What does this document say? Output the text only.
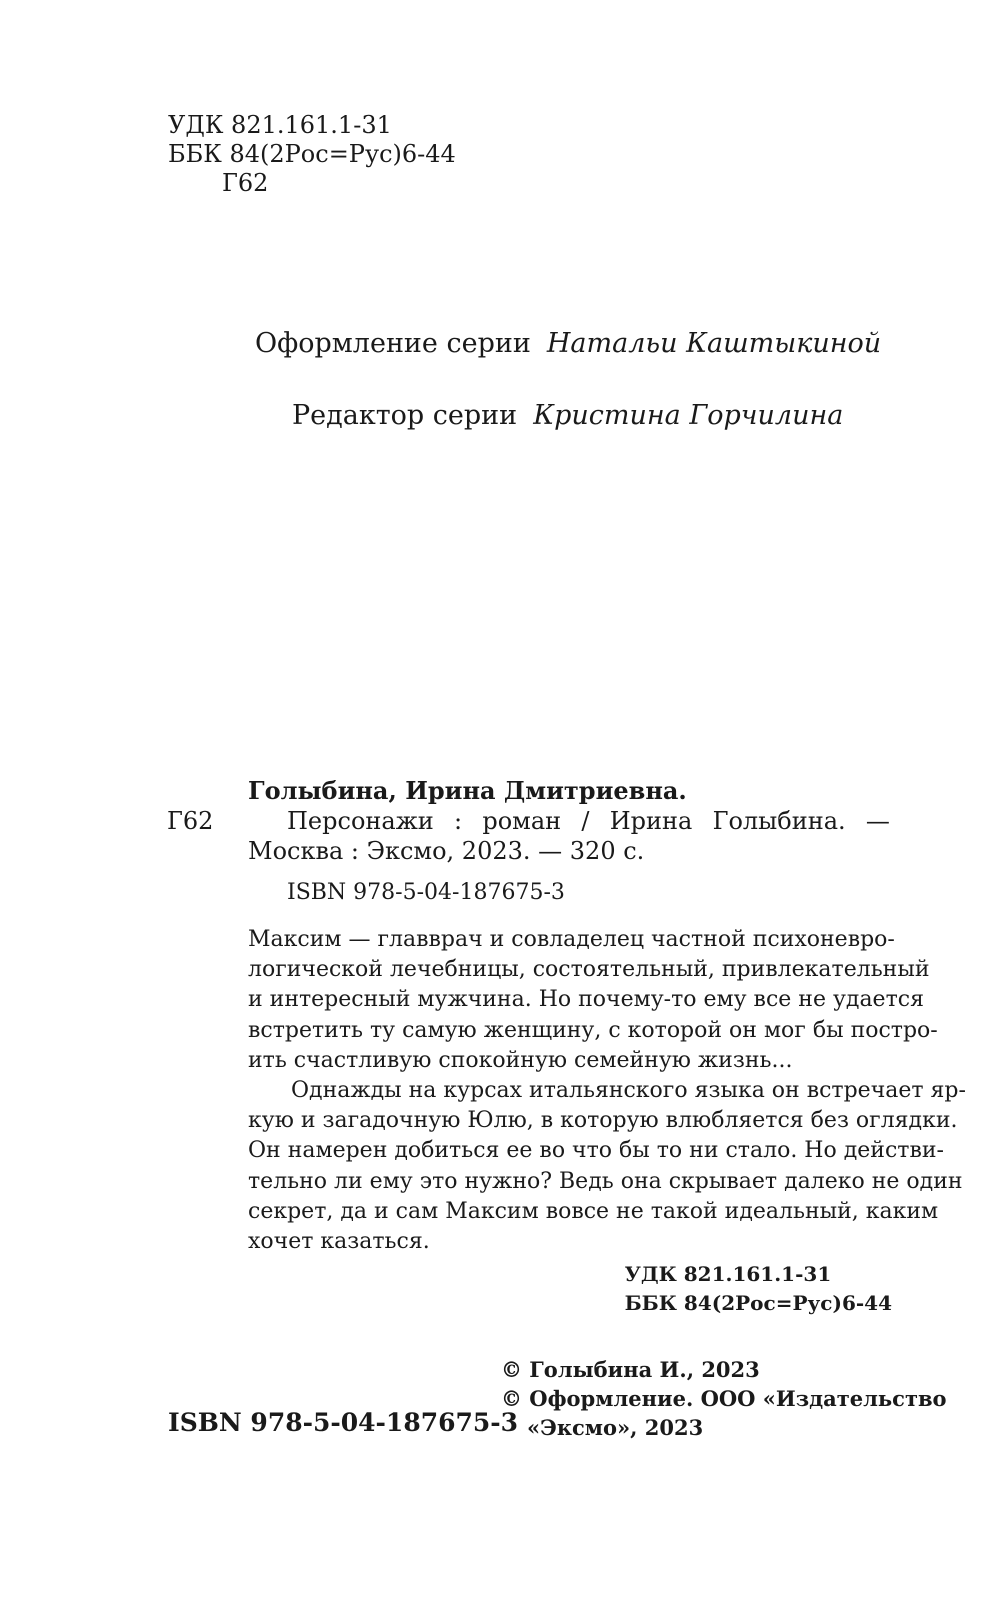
УДК 821.161.1-31
ББК 84(2Рос=Рус)6-44
Г62
Оформление серии Натальи Каштыкиной
Редактор серии Кристина Горчилина
Голыбина, Ирина Дмитриевна.
Г62	Персонажи : роман / Ирина Голыбина. —
Москва : Эксмо, 2023. — 320 с.
ISBN 978-5-04-187675-3
Максим — главврач и совладелец частной психоневро-
логической лечебницы, состоятельный, привлекательный
и интересный мужчина. Но почему-то ему все не удается
встретить ту самую женщину, с которой он мог бы постро-
ить счастливую спокойную семейную жизнь...
Однажды на курсах итальянского языка он встречает яр-
кую и загадочную Юлю, в которую влюбляется без оглядки.
Он намерен добиться ее во что бы то ни стало. Но действи-
тельно ли ему это нужно? Ведь она скрывает далеко не один
секрет, да и сам Максим вовсе не такой идеальный, каким
хочет казаться.
УДК 821.161.1-31
ББК 84(2Рос=Рус)6-44
© Голыбина И., 2023
© Оформление. ООО «Издательство
«Эксмо», 2023
ISBN 978-5-04-187675-3
